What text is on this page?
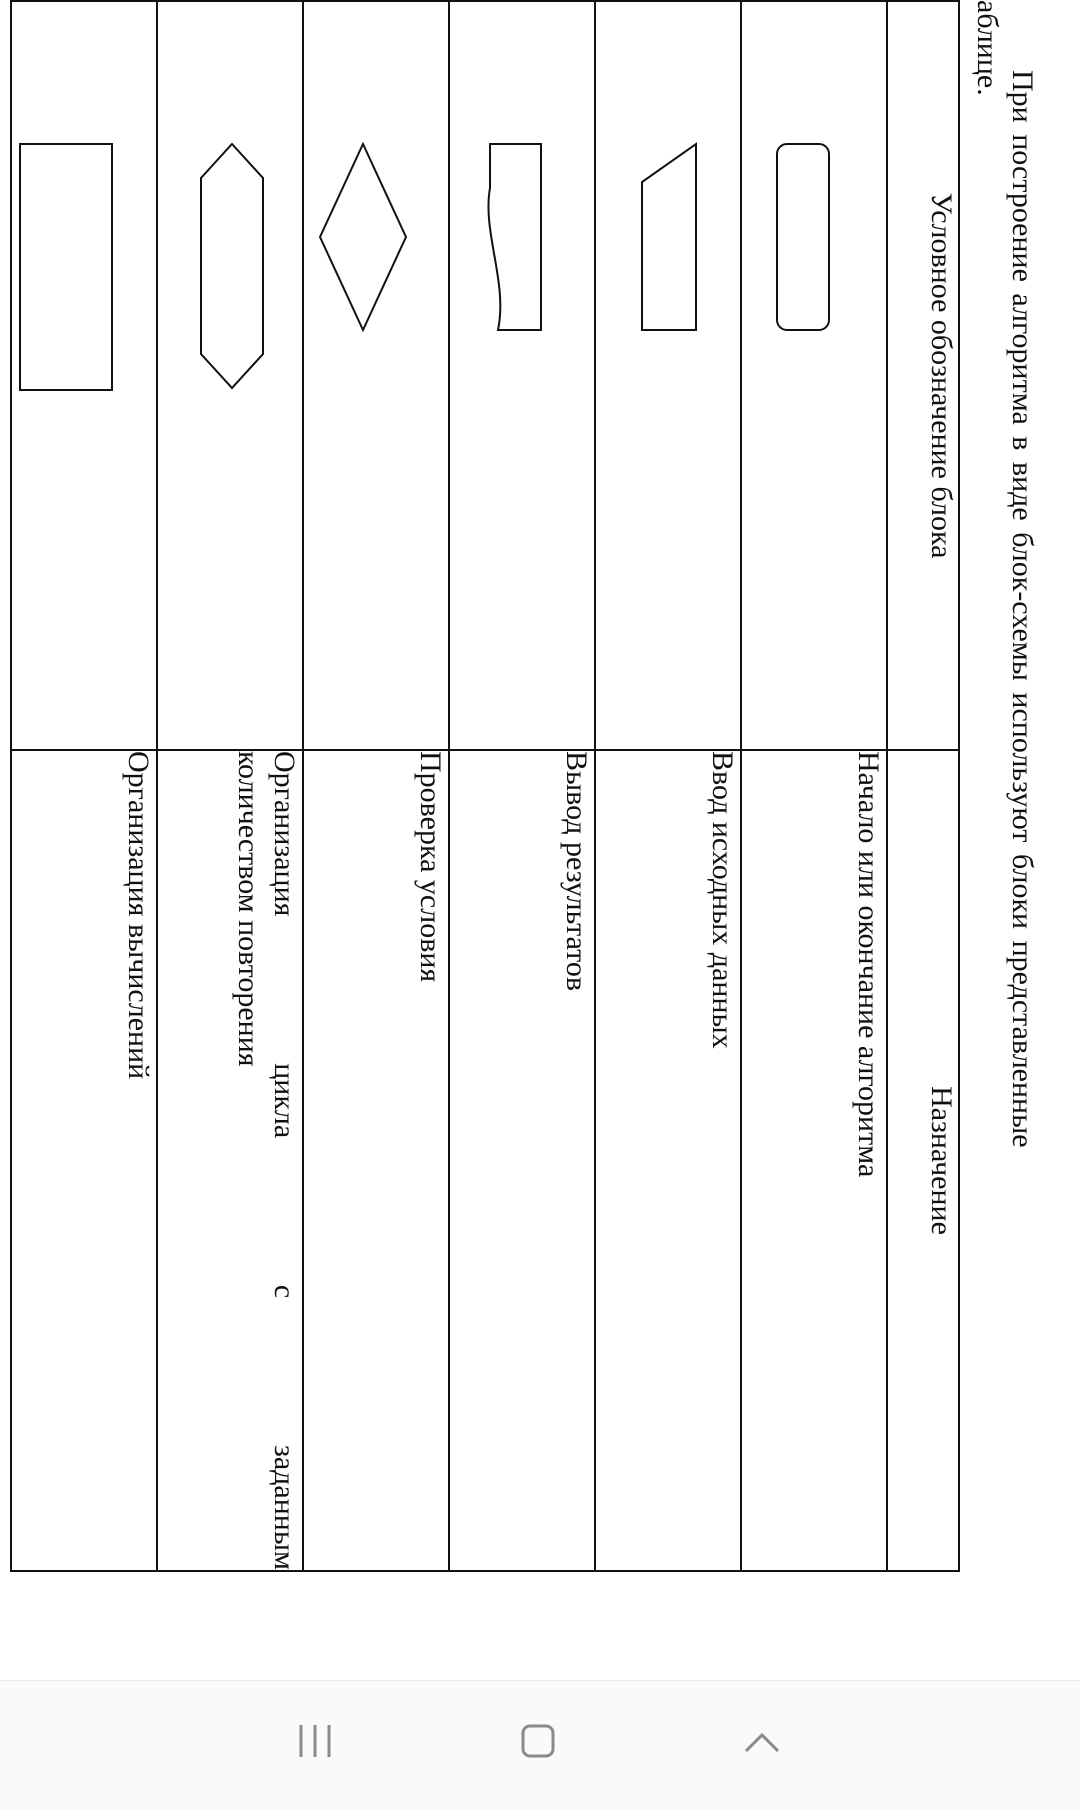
При построение алгоритма в виде блок-схемы используют блоки представленные
аблице.
Условное обозначение блока	Назначение

	Начало или окончание алгоритма

	Ввод исходных данных

	Вывод результатов

	Проверка условия

Организация
цикла
с
заданным
количеством повторения

	Организация вычислений
